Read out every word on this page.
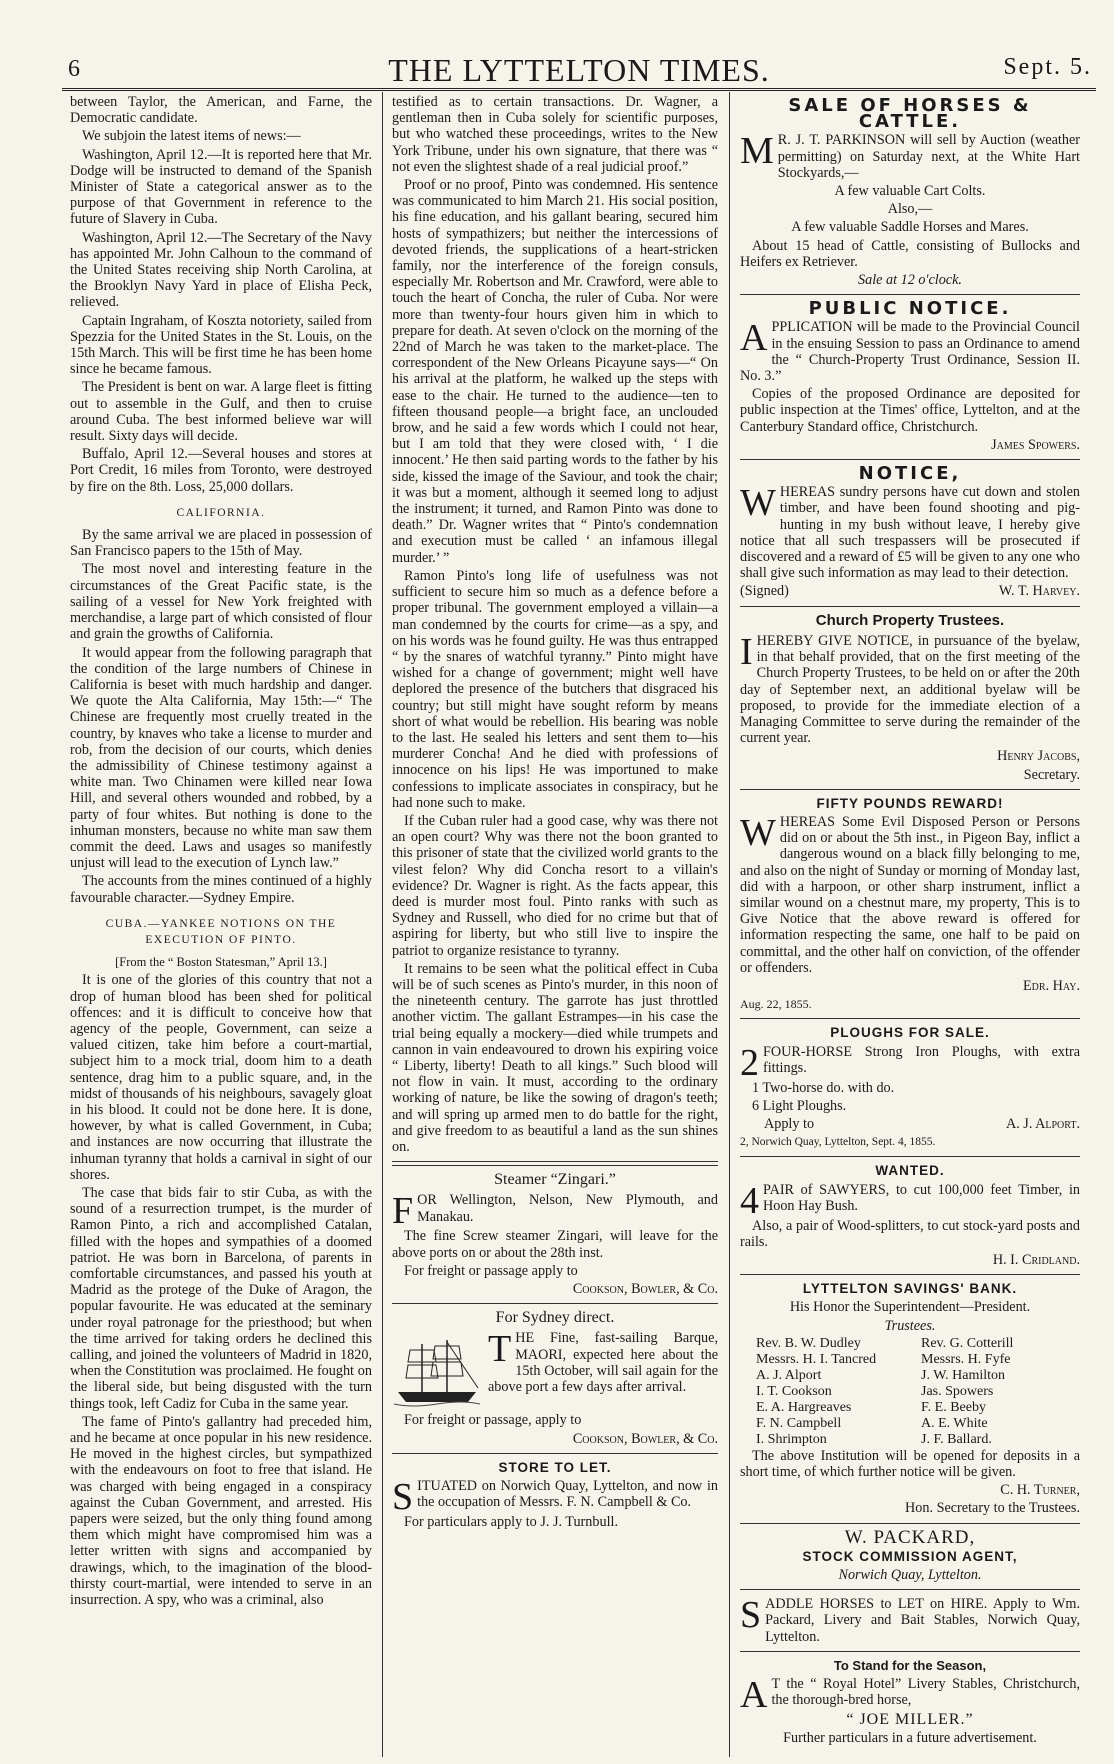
6	THE LYTTELTON TIMES.	Sept. 5.

between Taylor, the American, and Farne, the Democratic candidate.

We subjoin the latest items of news:—

Washington, April 12.—It is reported here that Mr. Dodge will be instructed to demand of the Spanish Minister of State a categorical answer as to the purpose of that Government in reference to the future of Slavery in Cuba.

Washington, April 12.—The Secretary of the Navy has appointed Mr. John Calhoun to the command of the United States receiving ship North Carolina, at the Brooklyn Navy Yard in place of Elisha Peck, relieved.

Captain Ingraham, of Koszta notoriety, sailed from Spezzia for the United States in the St. Louis, on the 15th March. This will be first time he has been home since he became famous.

The President is bent on war. A large fleet is fitting out to assemble in the Gulf, and then to cruise around Cuba. The best informed believe war will result. Sixty days will decide.

Buffalo, April 12.—Several houses and stores at Port Credit, 16 miles from Toronto, were destroyed by fire on the 8th. Loss, 25,000 dollars.

CALIFORNIA.

By the same arrival we are placed in possession of San Francisco papers to the 15th of May.

The most novel and interesting feature in the circumstances of the Great Pacific state, is the sailing of a vessel for New York freighted with merchandise, a large part of which consisted of flour and grain the growths of California.

It would appear from the following paragraph that the condition of the large numbers of Chinese in California is beset with much hardship and danger. We quote the Alta California, May 15th:—“ The Chinese are frequently most cruelly treated in the country, by knaves who take a license to murder and rob, from the decision of our courts, which denies the admissibility of Chinese testimony against a white man. Two Chinamen were killed near Iowa Hill, and several others wounded and robbed, by a party of four whites. But nothing is done to the inhuman monsters, because no white man saw them commit the deed. Laws and usages so manifestly unjust will lead to the execution of Lynch law.”

The accounts from the mines continued of a highly favourable character.—Sydney Empire.

CUBA.—YANKEE NOTIONS ON THE EXECUTION OF PINTO.

[From the “ Boston Statesman,” April 13.]

It is one of the glories of this country that not a drop of human blood has been shed for political offences: and it is difficult to conceive how that agency of the people, Government, can seize a valued citizen, take him before a court-martial, subject him to a mock trial, doom him to a death sentence, drag him to a public square, and, in the midst of thousands of his neighbours, savagely gloat in his blood. It could not be done here. It is done, however, by what is called Government, in Cuba; and instances are now occurring that illustrate the inhuman tyranny that holds a carnival in sight of our shores.

The case that bids fair to stir Cuba, as with the sound of a resurrection trumpet, is the murder of Ramon Pinto, a rich and accomplished Catalan, filled with the hopes and sympathies of a doomed patriot. He was born in Barcelona, of parents in comfortable circumstances, and passed his youth at Madrid as the protege of the Duke of Aragon, the popular favourite. He was educated at the seminary under royal patronage for the priesthood; but when the time arrived for taking orders he declined this calling, and joined the volunteers of Madrid in 1820, when the Constitution was proclaimed. He fought on the liberal side, but being disgusted with the turn things took, left Cadiz for Cuba in the same year.

The fame of Pinto's gallantry had preceded him, and he became at once popular in his new residence. He moved in the highest circles, but sympathized with the endeavours on foot to free that island. He was charged with being engaged in a conspiracy against the Cuban Government, and arrested. His papers were seized, but the only thing found among them which might have compromised him was a letter written with signs and accompanied by drawings, which, to the imagination of the blood-thirsty court-martial, were intended to serve in an insurrection. A spy, who was a criminal, also

testified as to certain transactions. Dr. Wagner, a gentleman then in Cuba solely for scientific purposes, but who watched these proceedings, writes to the New York Tribune, under his own signature, that there was “ not even the slightest shade of a real judicial proof.”

Proof or no proof, Pinto was condemned. His sentence was communicated to him March 21. His social position, his fine education, and his gallant bearing, secured him hosts of sympathizers; but neither the intercessions of devoted friends, the supplications of a heart-stricken family, nor the interference of the foreign consuls, especially Mr. Robertson and Mr. Crawford, were able to touch the heart of Concha, the ruler of Cuba. Nor were more than twenty-four hours given him in which to prepare for death. At seven o'clock on the morning of the 22nd of March he was taken to the market-place. The correspondent of the New Orleans Picayune says—“ On his arrival at the platform, he walked up the steps with ease to the chair. He turned to the audience—ten to fifteen thousand people—a bright face, an unclouded brow, and he said a few words which I could not hear, but I am told that they were closed with, ‘ I die innocent.’ He then said parting words to the father by his side, kissed the image of the Saviour, and took the chair; it was but a moment, although it seemed long to adjust the instrument; it turned, and Ramon Pinto was done to death.” Dr. Wagner writes that “ Pinto's condemnation and execution must be called ‘ an infamous illegal murder.’ ”

Ramon Pinto's long life of usefulness was not sufficient to secure him so much as a defence before a proper tribunal. The government employed a villain—a man condemned by the courts for crime—as a spy, and on his words was he found guilty. He was thus entrapped “ by the snares of watchful tyranny.” Pinto might have wished for a change of government; might well have deplored the presence of the butchers that disgraced his country; but still might have sought reform by means short of what would be rebellion. His bearing was noble to the last. He sealed his letters and sent them to—his murderer Concha! And he died with professions of innocence on his lips! He was importuned to make confessions to implicate associates in conspiracy, but he had none such to make.

If the Cuban ruler had a good case, why was there not an open court? Why was there not the boon granted to this prisoner of state that the civilized world grants to the vilest felon? Why did Concha resort to a villain's evidence? Dr. Wagner is right. As the facts appear, this deed is murder most foul. Pinto ranks with such as Sydney and Russell, who died for no crime but that of aspiring for liberty, but who still live to inspire the patriot to organize resistance to tyranny.

It remains to be seen what the political effect in Cuba will be of such scenes as Pinto's murder, in this noon of the nineteenth century. The garrote has just throttled another victim. The gallant Estrampes—in his case the trial being equally a mockery—died while trumpets and cannon in vain endeavoured to drown his expiring voice “ Liberty, liberty! Death to all kings.” Such blood will not flow in vain. It must, according to the ordinary working of nature, be like the sowing of dragon's teeth; and will spring up armed men to do battle for the right, and give freedom to as beautiful a land as the sun shines on.

Steamer “Zingari.”

FOR Wellington, Nelson, New Plymouth, and Manakau.

The fine Screw steamer Zingari, will leave for the above ports on or about the 28th inst.

For freight or passage apply to

Cookson, Bowler, & Co.

For Sydney direct.

THE Fine, fast-sailing Barque, MAORI, expected here about the 15th October, will sail again for the above port a few days after arrival.

For freight or passage, apply to

Cookson, Bowler, & Co.

STORE TO LET.

SITUATED on Norwich Quay, Lyttelton, and now in the occupation of Messrs. F. N. Campbell & Co.

For particulars apply to J. J. Turnbull.

SALE OF HORSES & CATTLE.

M R. J. T. PARKINSON will sell by Auction (weather permitting) on Saturday next, at the White Hart Stockyards,—

A few valuable Cart Colts.

Also,—

A few valuable Saddle Horses and Mares.

About 15 head of Cattle, consisting of Bullocks and Heifers ex Retriever.

Sale at 12 o'clock.

PUBLIC NOTICE.

APPLICATION will be made to the Provincial Council in the ensuing Session to pass an Ordinance to amend the “ Church-Property Trust Ordinance, Session II. No. 3.”

Copies of the proposed Ordinance are deposited for public inspection at the Times' office, Lyttelton, and at the Canterbury Standard office, Christchurch.

James Spowers.

NOTICE,

WHEREAS sundry persons have cut down and stolen timber, and have been found shooting and pig-hunting in my bush without leave, I hereby give notice that all such trespassers will be prosecuted if discovered and a reward of £5 will be given to any one who shall give such information as may lead to their detection.

(Signed)	W. T. Harvey.

Church Property Trustees.

IHEREBY GIVE NOTICE, in pursuance of the byelaw, in that behalf provided, that on the first meeting of the Church Property Trustees, to be held on or after the 20th day of September next, an additional byelaw will be proposed, to provide for the immediate election of a Managing Committee to serve during the remainder of the current year.

Henry Jacobs,

Secretary.

FIFTY POUNDS REWARD!

WHEREAS Some Evil Disposed Person or Persons did on or about the 5th inst., in Pigeon Bay, inflict a dangerous wound on a black filly belonging to me, and also on the night of Sunday or morning of Monday last, did with a harpoon, or other sharp instrument, inflict a similar wound on a chestnut mare, my property, This is to Give Notice that the above reward is offered for information respecting the same, one half to be paid on committal, and the other half on conviction, of the offender or offenders.

Edr. Hay.

Aug. 22, 1855.

PLOUGHS FOR SALE.

2 FOUR-HORSE Strong Iron Ploughs, with extra fittings.

1 Two-horse do. with do.

6 Light Ploughs.

Apply to	A. J. Alport.

2, Norwich Quay, Lyttelton, Sept. 4, 1855.

WANTED.

4 PAIR of SAWYERS, to cut 100,000 feet Timber, in Hoon Hay Bush.

Also, a pair of Wood-splitters, to cut stock-yard posts and rails.

H. I. Cridland.

LYTTELTON SAVINGS' BANK.

His Honor the Superintendent—President.

Trustees.

Rev. B. W. Dudley	Rev. G. Cotterill
Messrs. H. I. Tancred	Messrs. H. Fyfe
A. J. Alport	J. W. Hamilton
I. T. Cookson	Jas. Spowers
E. A. Hargreaves	F. E. Beeby
F. N. Campbell	A. E. White
I. Shrimpton	J. F. Ballard.

The above Institution will be opened for deposits in a short time, of which further notice will be given.

C. H. Turner,

Hon. Secretary to the Trustees.

W. PACKARD,
STOCK COMMISSION AGENT,

Norwich Quay, Lyttelton.

SADDLE HORSES to LET on HIRE. Apply to Wm. Packard, Livery and Bait Stables, Norwich Quay, Lyttelton.

To Stand for the Season,

A T the “ Royal Hotel” Livery Stables, Christchurch, the thorough-bred horse,

“ JOE MILLER.”

Further particulars in a future advertisement.
